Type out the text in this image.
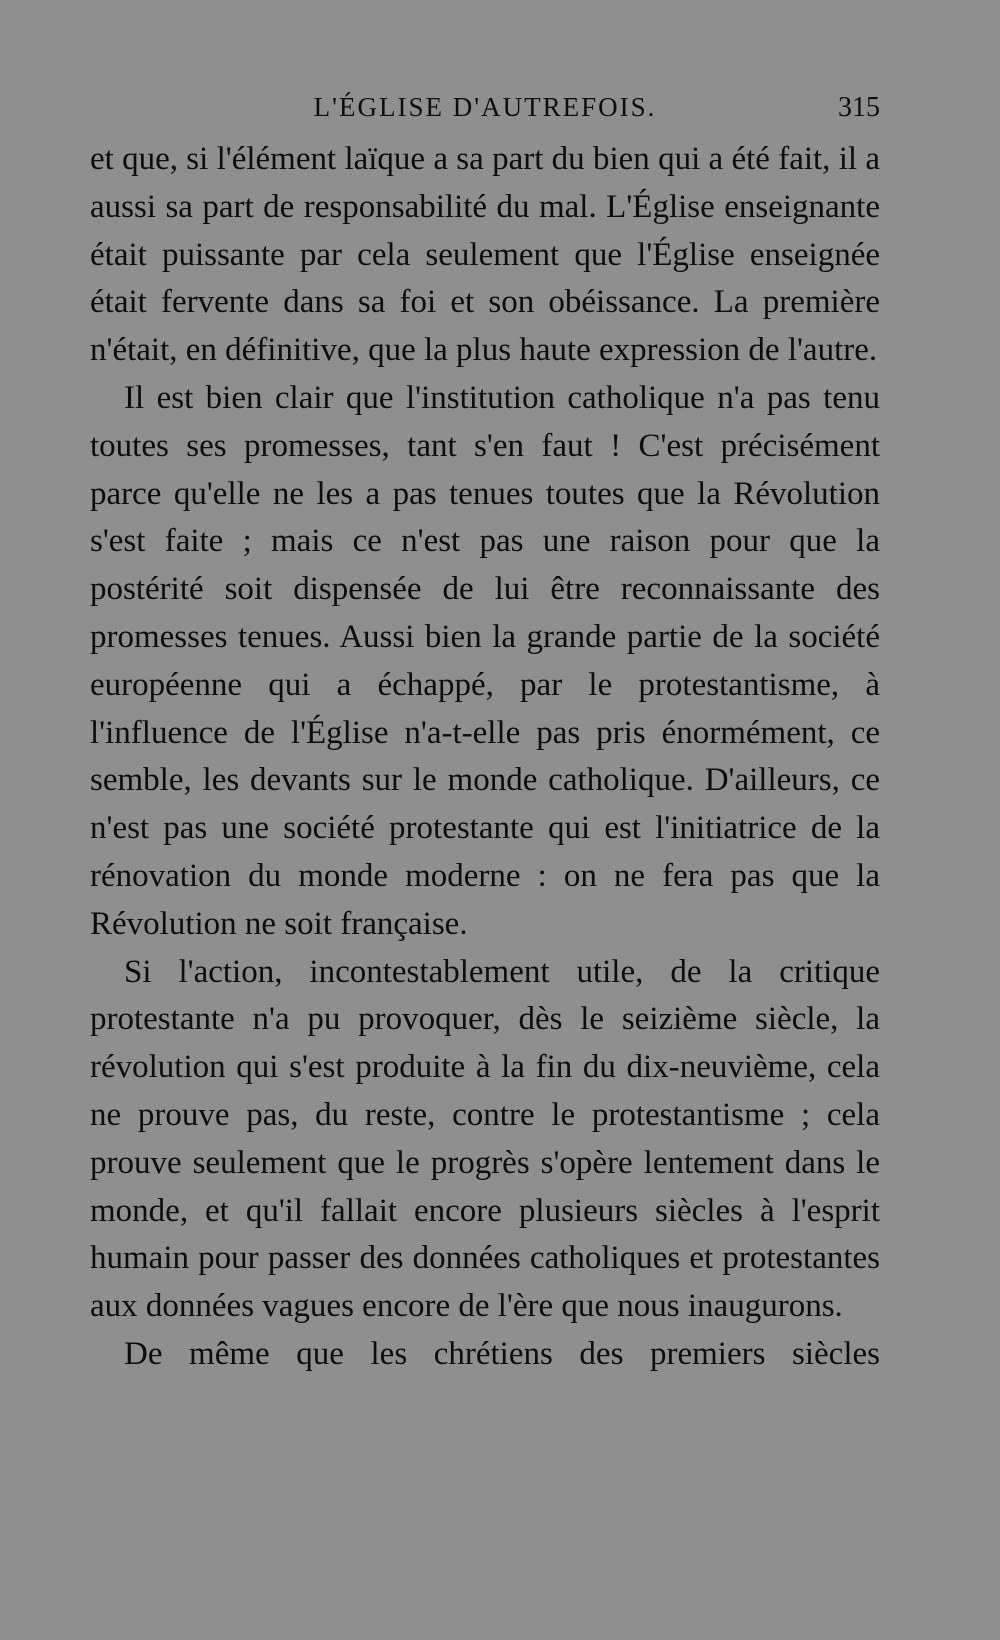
L'ÉGLISE D'AUTREFOIS.	315

et que, si l'élément laïque a sa part du bien qui a été fait, il a aussi sa part de responsabilité du mal. L'Église enseignante était puissante par cela seulement que l'Église enseignée était fervente dans sa foi et son obéissance. La première n'était, en définitive, que la plus haute expression de l'autre.

Il est bien clair que l'institution catholique n'a pas tenu toutes ses promesses, tant s'en faut ! C'est précisément parce qu'elle ne les a pas tenues toutes que la Révolution s'est faite ; mais ce n'est pas une raison pour que la postérité soit dispensée de lui être reconnaissante des promesses tenues. Aussi bien la grande partie de la société européenne qui a échappé, par le protestantisme, à l'influence de l'Église n'a-t-elle pas pris énormément, ce semble, les devants sur le monde catholique. D'ailleurs, ce n'est pas une société protestante qui est l'initiatrice de la rénovation du monde moderne : on ne fera pas que la Révolution ne soit française.

Si l'action, incontestablement utile, de la critique protestante n'a pu provoquer, dès le seizième siècle, la révolution qui s'est produite à la fin du dix-neuvième, cela ne prouve pas, du reste, contre le protestantisme ; cela prouve seulement que le progrès s'opère lentement dans le monde, et qu'il fallait encore plusieurs siècles à l'esprit humain pour passer des données catholiques et protestantes aux données vagues encore de l'ère que nous inaugurons.

De même que les chrétiens des premiers siècles
